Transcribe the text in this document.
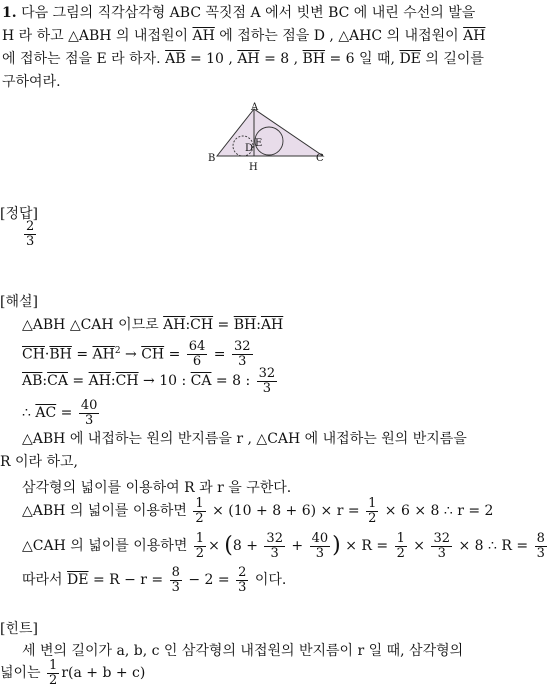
1. 다음 그림의 직각삼각형 ABC 꼭짓점 A 에서 빗변 BC 에 내린 수선의 발을
H 라 하고 △ABH 의 내접원이 $\overline{AH}$ 에 접하는 점을 D , △AHC 의 내접원이 $\overline{AH}$
에 접하는 점을 E 라 하자. $\overline{AB} = 10$ , $\overline{AH} = 8$ , $\overline{BH} = 6$ 일 때, $\overline{DE}$ 의 길이를
구하여라.
A
B	C
H
D E
[정답]
$\frac{2}{3}$
[해설]
△ABH △CAH 이므로 $\overline{AH}:\overline{CH}$ = $\overline{BH}:\overline{AH}$
$\overline{CH}\cdot\overline{BH} = \overline{AH}^2 \to \overline{CH} = \frac{64}{6} = \frac{32}{3}$
$\overline{AB}:\overline{CA}$ = $\overline{AH}:\overline{CH} \to 10$ : $\overline{CA} = 8$ : $\frac{32}{3}$
∴ $\overline{AC} = \frac{40}{3}$
△ABH 에 내접하는 원의 반지름을 r , △CAH 에 내접하는 원의 반지름을
R 이라 하고,
삼각형의 넓이를 이용하여 R 과 r 을 구한다.
△ABH 의 넓이를 이용하면 $\frac{1}{2} \times (10 + 8 + 6) \times r = \frac{1}{2} \times 6 \times 8$ ∴ r = 2
△CAH 의 넓이를 이용하면 $\frac{1}{2} \times (8 + \frac{32}{3} + \frac{40}{3}$ ) × $R = \frac{1}{2} \times \frac{32}{3} \times 8$ ∴ $R = \frac{8}{3}$
따라서 $\overline{DE} = R - r = \frac{8}{3} - 2 = \frac{2}{3}$ 이다.
[힌트]
세 변의 길이가 a, b, c 인 삼각형의 내접원의 반지름이 r 일 때, 삼각형의
넓이는 $\frac{1}{2} r(a + b + c)$
